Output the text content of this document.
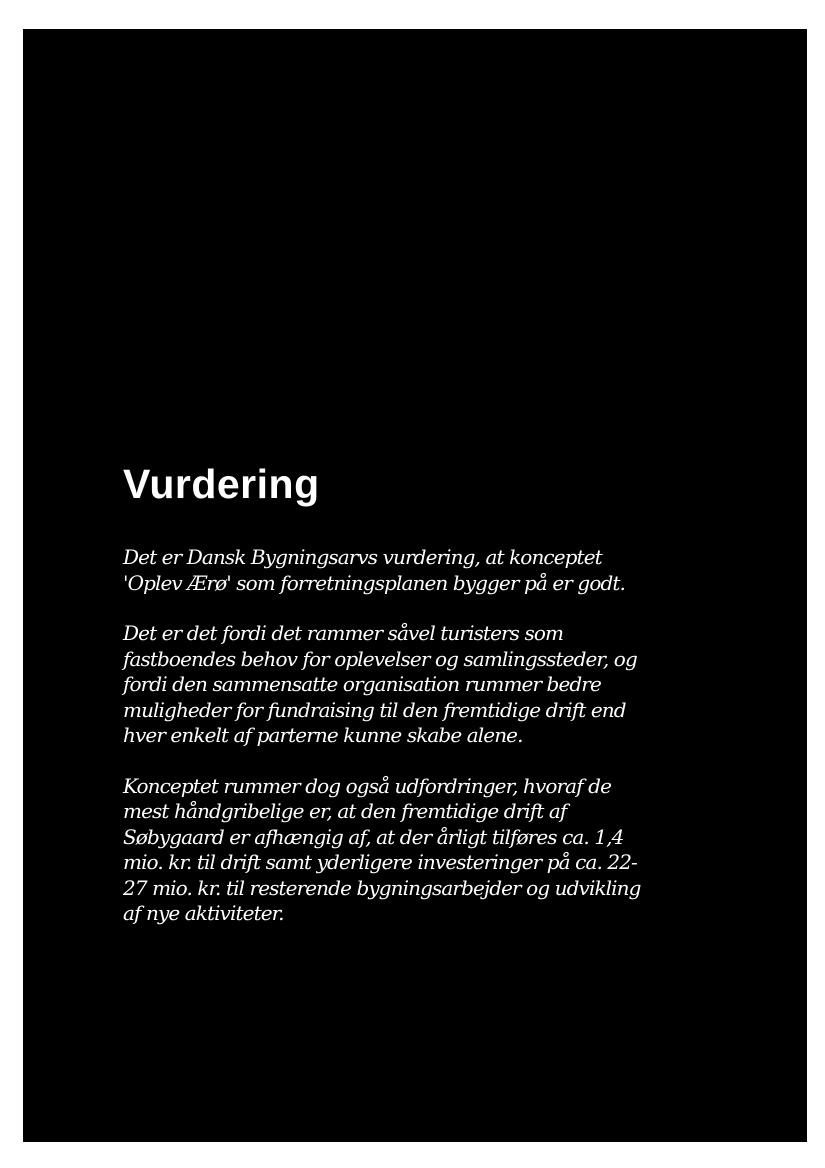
Vurdering

Det er Dansk Bygningsarvs vurdering, at konceptet
'Oplev Ærø' som forretningsplanen bygger på er godt.

Det er det fordi det rammer såvel turisters som
fastboendes behov for oplevelser og samlingssteder, og
fordi den sammensatte organisation rummer bedre
muligheder for fundraising til den fremtidige drift end
hver enkelt af parterne kunne skabe alene.

Konceptet rummer dog også udfordringer, hvoraf de
mest håndgribelige er, at den fremtidige drift af
Søbygaard er afhængig af, at der årligt tilføres ca. 1,4
mio. kr. til drift samt yderligere investeringer på ca. 22-
27 mio. kr. til resterende bygningsarbejder og udvikling
af nye aktiviteter.
